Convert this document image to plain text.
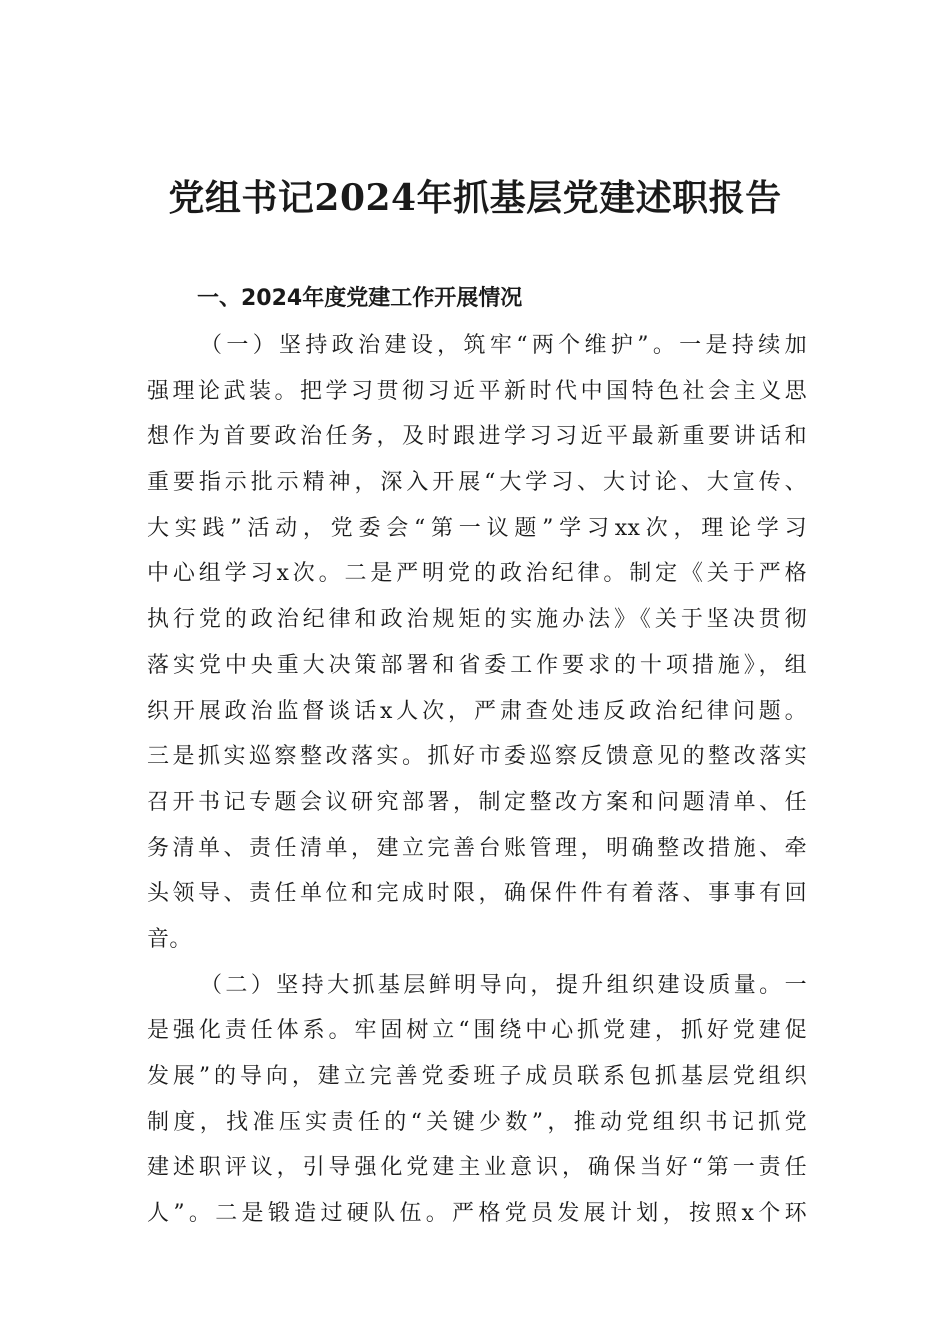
党组书记2024年抓基层党建述职报告
一、2024年度党建工作开展情况
（一）坚持政治建设，筑牢“两个维护”。一是持续加
强理论武装。把学习贯彻习近平新时代中国特色社会主义思
想作为首要政治任务，及时跟进学习习近平最新重要讲话和
重要指示批示精神，深入开展“大学习、大讨论、大宣传、
大实践”活动，党委会“第一议题”学习xx次，理论学习
中心组学习x次。二是严明党的政治纪律。制定《关于严格
执行党的政治纪律和政治规矩的实施办法》《关于坚决贯彻
落实党中央重大决策部署和省委工作要求的十项措施》，组
织开展政治监督谈话x人次，严肃查处违反政治纪律问题。
三是抓实巡察整改落实。抓好市委巡察反馈意见的整改落实
召开书记专题会议研究部署，制定整改方案和问题清单、任
务清单、责任清单，建立完善台账管理，明确整改措施、牵
头领导、责任单位和完成时限，确保件件有着落、事事有回
音。
（二）坚持大抓基层鲜明导向，提升组织建设质量。一
是强化责任体系。牢固树立“围绕中心抓党建，抓好党建促
发展”的导向，建立完善党委班子成员联系包抓基层党组织
制度，找准压实责任的“关键少数”，推动党组织书记抓党
建述职评议，引导强化党建主业意识，确保当好“第一责任
人”。二是锻造过硬队伍。严格党员发展计划，按照x个环
